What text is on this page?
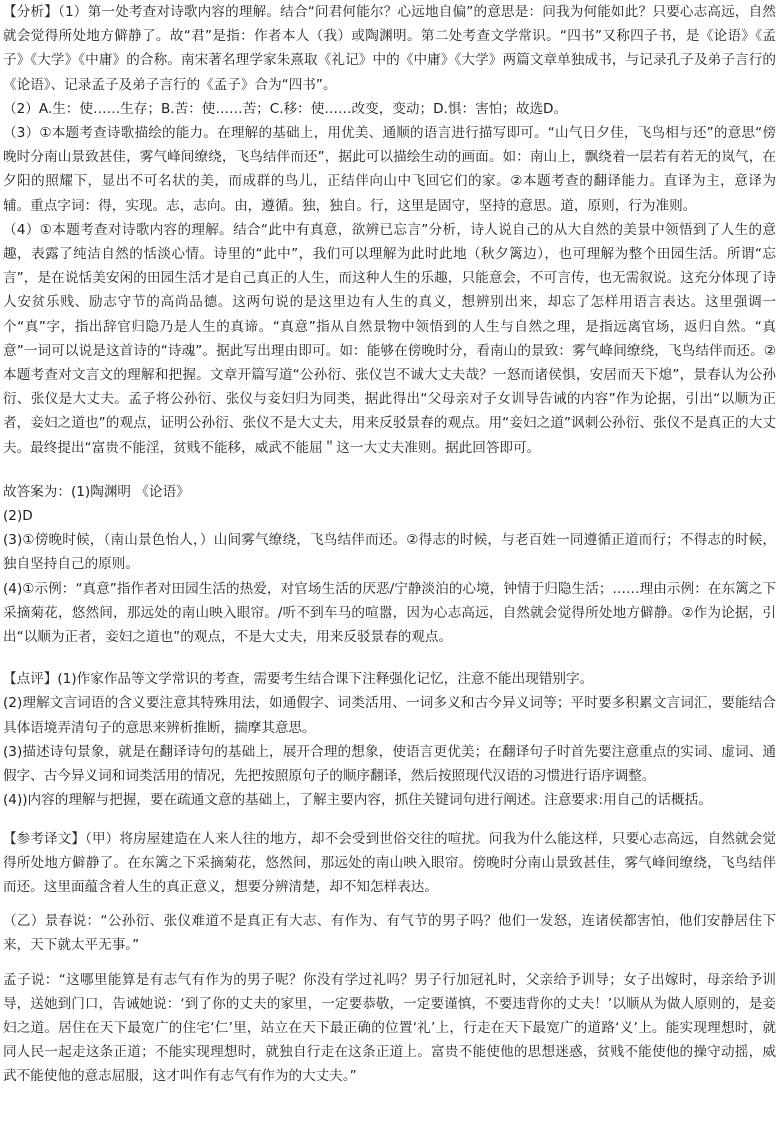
【分析】（1）第一处考查对诗歌内容的理解。结合“问君何能尔？心远地自偏”的意思是：问我为何能如此？只要心志高远，自然就会觉得所处地方僻静了。故“君”是指：作者本人（我）或陶渊明。第二处考查文学常识。“四书”又称四子书，是《论语》《孟子》《大学》《中庸》的合称。南宋著名理学家朱熹取《礼记》中的《中庸》《大学》两篇文章单独成书，与记录孔子及弟子言行的《论语》、记录孟子及弟子言行的《孟子》合为“四书”。

（2）A.生：使……生存；B.苦：使……苦；C.移：使……改变，变动；D.惧：害怕；故选D。

（3）①本题考查诗歌描绘的能力。在理解的基础上，用优美、通顺的语言进行描写即可。“山气日夕佳，飞鸟相与还”的意思“傍晚时分南山景致甚佳，雾气峰间缭绕，飞鸟结伴而还”，据此可以描绘生动的画面。如：南山上，飘绕着一层若有若无的岚气，在夕阳的照耀下，显出不可名状的美，而成群的鸟儿，正结伴向山中飞回它们的家。②本题考查的翻译能力。直译为主，意译为辅。重点字词：得，实现。志，志向。由，遵循。独，独自。行，这里是固守，坚持的意思。道，原则，行为准则。

（4）①本题考查对诗歌内容的理解。结合“此中有真意，欲辨已忘言”分析，诗人说自己的从大自然的美景中领悟到了人生的意趣，表露了纯洁自然的恬淡心情。诗里的“此中”，我们可以理解为此时此地（秋夕篱边），也可理解为整个田园生活。所谓“忘言”，是在说恬美安闲的田园生活才是自己真正的人生，而这种人生的乐趣，只能意会，不可言传，也无需叙说。这充分体现了诗人安贫乐贱、励志守节的高尚品德。这两句说的是这里边有人生的真义，想辨别出来，却忘了怎样用语言表达。这里强调一个“真”字，指出辞官归隐乃是人生的真谛。“真意”指从自然景物中领悟到的人生与自然之理，是指远离官场，返归自然。“真意”一词可以说是这首诗的“诗魂”。据此写出理由即可。如：能够在傍晚时分，看南山的景致：雾气峰间缭绕，飞鸟结伴而还。②本题考查对文言文的理解和把握。文章开篇写道“公孙衍、张仪岂不诚大丈夫哉？一怒而诸侯惧，安居而天下熄”，景春认为公孙衍、张仪是大丈夫。孟子将公孙衍、张仪与妾妇归为同类，据此得出“父母亲对子女训导告诫的内容”作为论据，引出“以顺为正者，妾妇之道也”的观点，证明公孙衍、张仪不是大丈夫，用来反驳景春的观点。用“妾妇之道”讽刺公孙衍、张仪不是真正的大丈夫。最终提出“富贵不能淫，贫贱不能移，威武不能屈＂这一大丈夫准则。据此回答即可。

故答案为：(1)陶渊明 《论语》

(2)D

(3)①傍晚时候，（南山景色怡人，）山间雾气缭绕，飞鸟结伴而还。②得志的时候，与老百姓一同遵循正道而行；不得志的时候，独自坚持自己的原则。

(4)①示例：“真意”指作者对田园生活的热爱，对官场生活的厌恶/宁静淡泊的心境，钟情于归隐生活；……理由示例：在东篱之下采摘菊花，悠然间，那远处的南山映入眼帘。/听不到车马的喧嚣，因为心志高远，自然就会觉得所处地方僻静。②作为论据，引出“以顺为正者，妾妇之道也”的观点，不是大丈夫，用来反驳景春的观点。

【点评】(1)作家作品等文学常识的考查，需要考生结合课下注释强化记忆，注意不能出现错别字。

(2)理解文言词语的含义要注意其特殊用法，如通假字、词类活用、一词多义和古今异义词等；平时要多积累文言词汇，要能结合具体语境弄清句子的意思来辨析推断，揣摩其意思。

(3)描述诗句景象，就是在翻译诗句的基础上，展开合理的想象，使语言更优美；在翻译句子时首先要注意重点的实词、虚词、通假字、古今异义词和词类活用的情况，先把按照原句子的顺序翻译，然后按照现代汉语的习惯进行语序调整。

(4))内容的理解与把握，要在疏通文意的基础上，了解主要内容，抓住关键词句进行阐述。注意要求:用自己的话概括。

【参考译文】（甲）将房屋建造在人来人往的地方，却不会受到世俗交往的喧扰。问我为什么能这样，只要心志高远，自然就会觉得所处地方僻静了。在东篱之下采摘菊花，悠然间，那远处的南山映入眼帘。傍晚时分南山景致甚佳，雾气峰间缭绕，飞鸟结伴而还。这里面蕴含着人生的真正意义，想要分辨清楚，却不知怎样表达。

（乙）景春说：“公孙衍、张仪难道不是真正有大志、有作为、有气节的男子吗？他们一发怒，连诸侯都害怕，他们安静居住下来，天下就太平无事。”

孟子说：“这哪里能算是有志气有作为的男子呢？你没有学过礼吗？男子行加冠礼时，父亲给予训导；女子出嫁时，母亲给予训导，送她到门口，告诫她说：‘到了你的丈夫的家里，一定要恭敬，一定要谨慎，不要违背你的丈夫！’以顺从为做人原则的，是妾妇之道。居住在天下最宽广的住宅‘仁’里，站立在天下最正确的位置‘礼’上，行走在天下最宽广的道路‘义’上。能实现理想时，就同人民一起走这条正道；不能实现理想时，就独自行走在这条正道上。富贵不能使他的思想迷惑，贫贱不能使他的操守动摇，威武不能使他的意志屈服，这才叫作有志气有作为的大丈夫。”
